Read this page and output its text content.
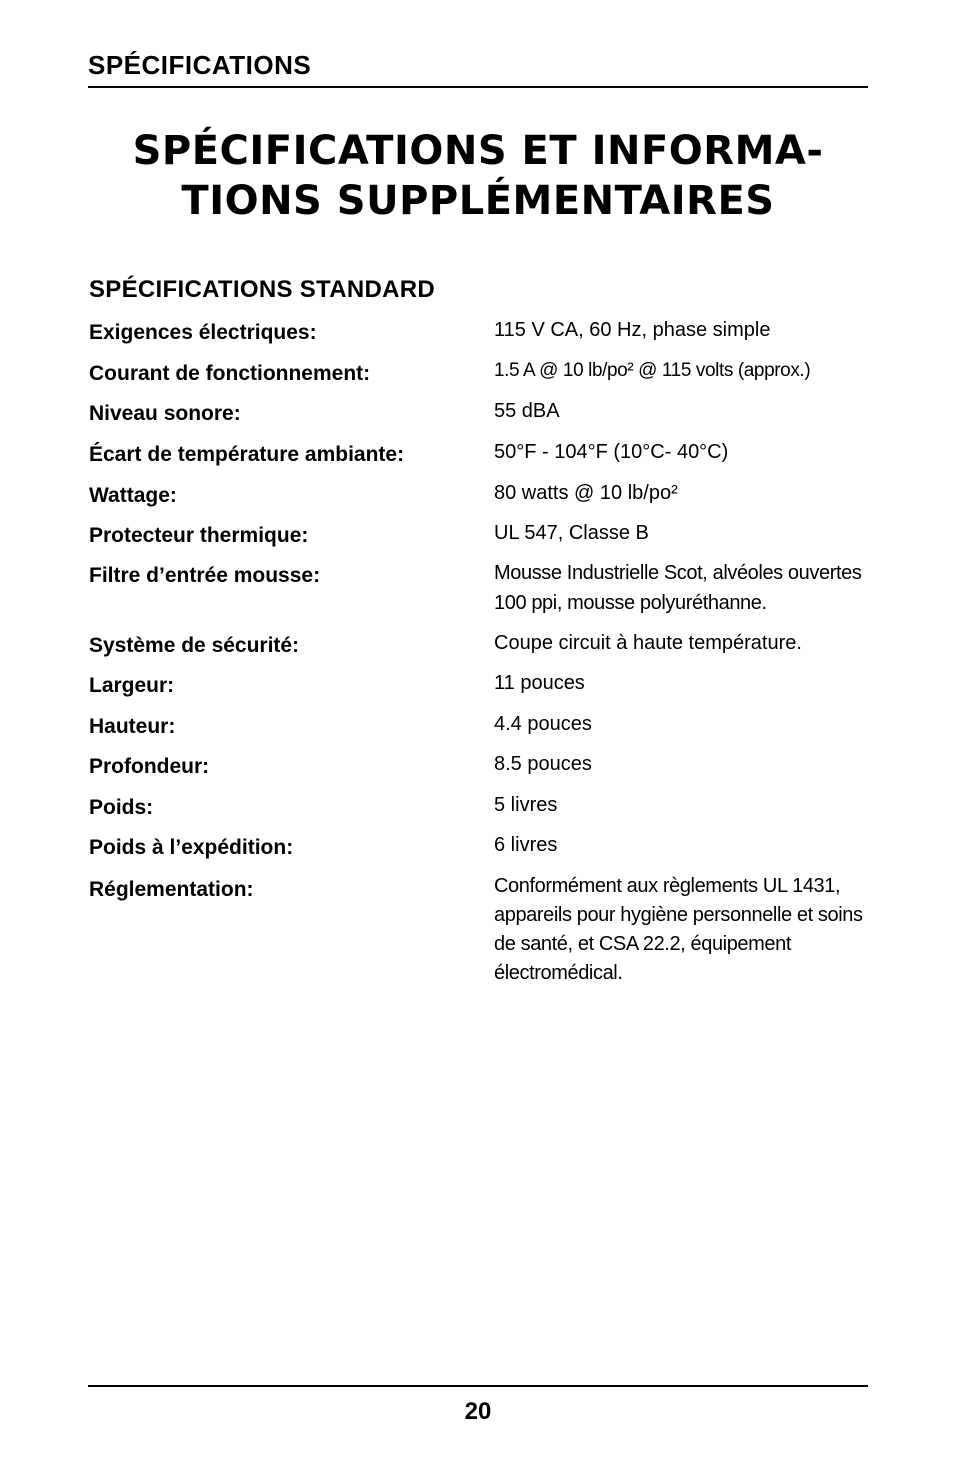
SPÉCIFICATIONS
SPÉCIFICATIONS ET INFORMA-
TIONS SUPPLÉMENTAIRES
SPÉCIFICATIONS STANDARD
Exigences électriques:	115 V CA, 60 Hz, phase simple
Courant de fonctionnement:	1.5 A @ 10 lb/po² @ 115 volts (approx.)
Niveau sonore:	55 dBA
Écart de température ambiante:	50°F - 104°F (10°C- 40°C)
Wattage:	80 watts @ 10 lb/po²
Protecteur thermique:	UL 547, Classe B
Filtre d’entrée mousse:	Mousse Industrielle Scot, alvéoles ouvertes 100 ppi, mousse polyuréthanne.
Système de sécurité:	Coupe circuit à haute température.
Largeur:	11 pouces
Hauteur:	4.4 pouces
Profondeur:	8.5 pouces
Poids:	5 livres
Poids à l’expédition:	6 livres
Réglementation:	Conformément aux règlements UL 1431, appareils pour hygiène personnelle et soins de santé, et CSA 22.2, équipement électromédical.
20
